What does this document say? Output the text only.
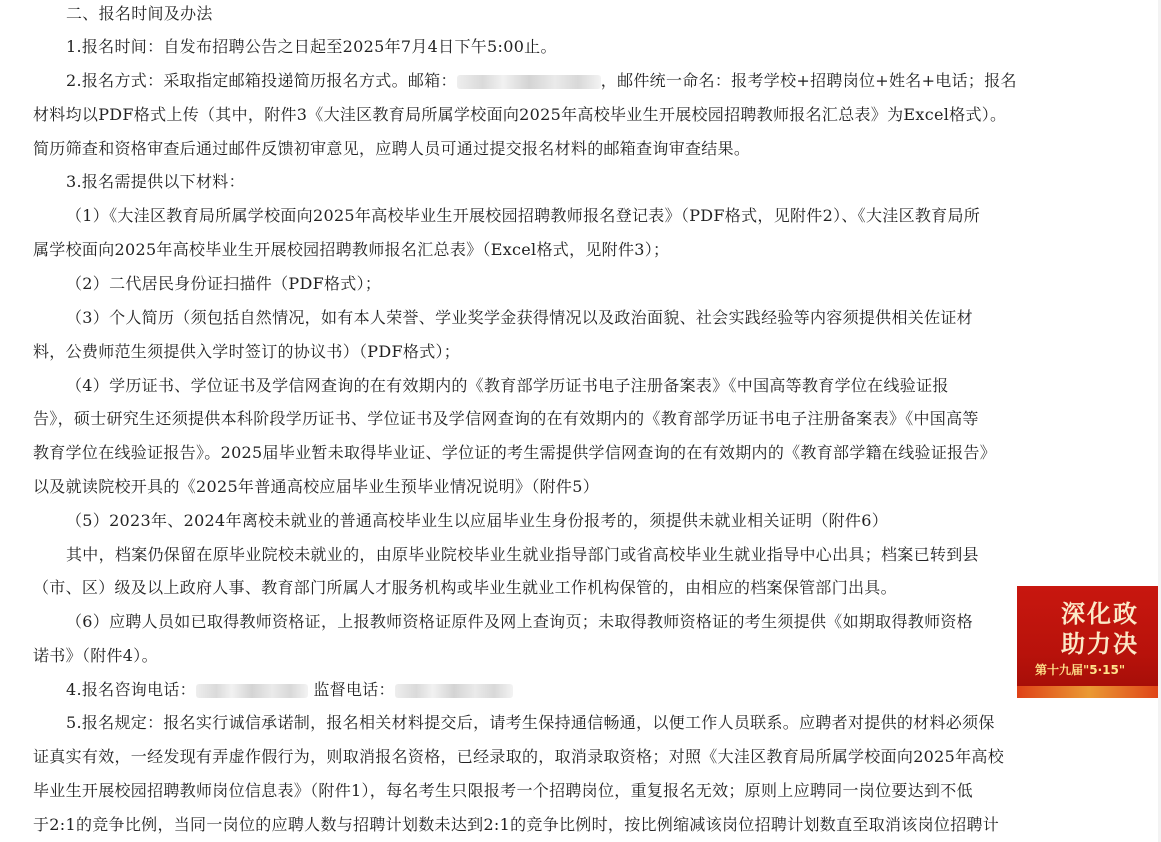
二、报名时间及办法
1.报名时间：自发布招聘公告之日起至2025年7月4日下午5:00止。
2.报名方式：采取指定邮箱投递简历报名方式。邮箱：	，邮件统一命名：报考学校+招聘岗位+姓名+电话；报名
材料均以PDF格式上传（其中，附件3《大洼区教育局所属学校面向2025年高校毕业生开展校园招聘教师报名汇总表》为Excel格式）。
简历筛查和资格审查后通过邮件反馈初审意见，应聘人员可通过提交报名材料的邮箱查询审查结果。
3.报名需提供以下材料：
（1）《大洼区教育局所属学校面向2025年高校毕业生开展校园招聘教师报名登记表》（PDF格式，见附件2）、《大洼区教育局所
属学校面向2025年高校毕业生开展校园招聘教师报名汇总表》（Excel格式，见附件3）；
（2）二代居民身份证扫描件（PDF格式）；
（3）个人简历（须包括自然情况，如有本人荣誉、学业奖学金获得情况以及政治面貌、社会实践经验等内容须提供相关佐证材
料，公费师范生须提供入学时签订的协议书）（PDF格式）；
（4）学历证书、学位证书及学信网查询的在有效期内的《教育部学历证书电子注册备案表》《中国高等教育学位在线验证报
告》，硕士研究生还须提供本科阶段学历证书、学位证书及学信网查询的在有效期内的《教育部学历证书电子注册备案表》《中国高等
教育学位在线验证报告》。2025届毕业暂未取得毕业证、学位证的考生需提供学信网查询的在有效期内的《教育部学籍在线验证报告》
以及就读院校开具的《2025年普通高校应届毕业生预毕业情况说明》（附件5）
（5）2023年、2024年离校未就业的普通高校毕业生以应届毕业生身份报考的，须提供未就业相关证明（附件6）
其中，档案仍保留在原毕业院校未就业的，由原毕业院校毕业生就业指导部门或省高校毕业生就业指导中心出具；档案已转到县
（市、区）级及以上政府人事、教育部门所属人才服务机构或毕业生就业工作机构保管的，由相应的档案保管部门出具。
（6）应聘人员如已取得教师资格证，上报教师资格证原件及网上查询页；未取得教师资格证的考生须提供《如期取得教师资格
诺书》（附件4）。
4.报名咨询电话：	监督电话：
5.报名规定：报名实行诚信承诺制，报名相关材料提交后，请考生保持通信畅通，以便工作人员联系。应聘者对提供的材料必须保
证真实有效，一经发现有弄虚作假行为，则取消报名资格，已经录取的，取消录取资格；对照《大洼区教育局所属学校面向2025年高校
毕业生开展校园招聘教师岗位信息表》（附件1），每名考生只限报考一个招聘岗位，重复报名无效；原则上应聘同一岗位要达到不低
于2:1的竞争比例，当同一岗位的应聘人数与招聘计划数未达到2:1的竞争比例时，按比例缩减该岗位招聘计划数直至取消该岗位招聘计
深化政
助力决
第十九届"5·15"
